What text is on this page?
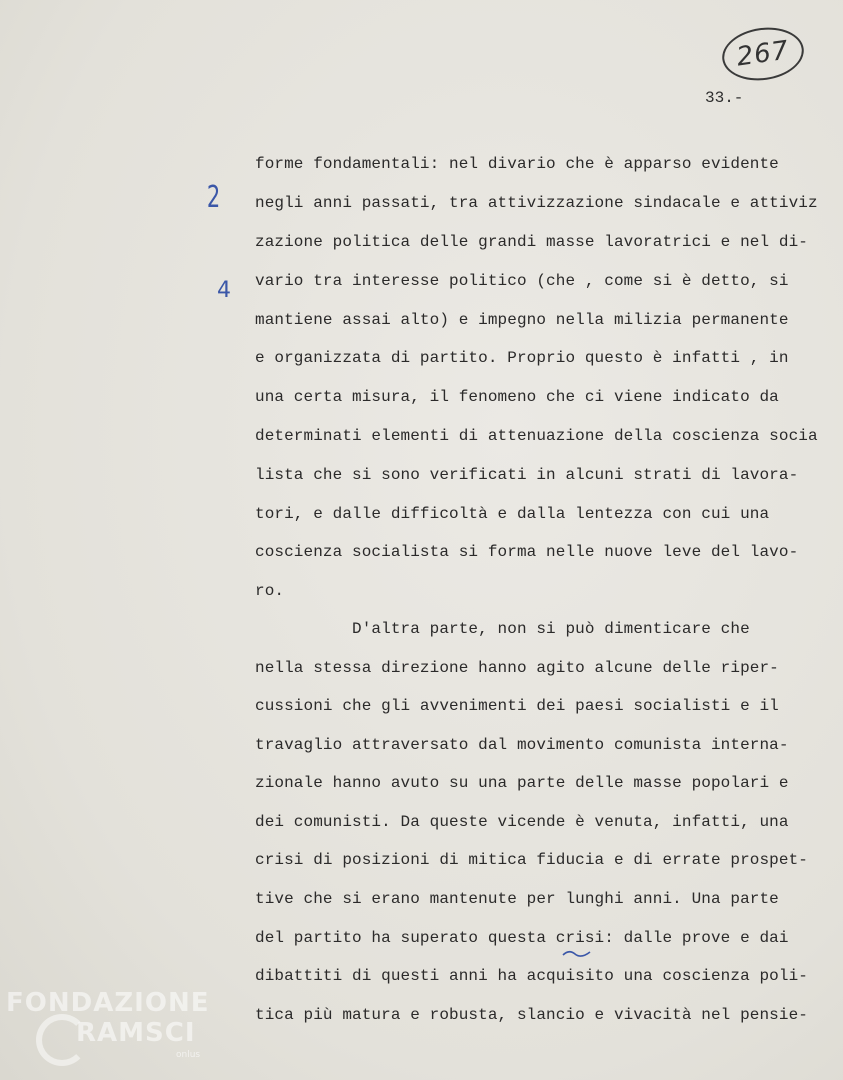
267
33.-
2
4
forme fondamentali: nel divario che è apparso evidente
negli anni passati, tra attivizzazione sindacale e attiviz
zazione politica delle grandi masse lavoratrici e nel di-
vario tra interesse politico (che , come si è detto, si
mantiene assai alto) e impegno nella milizia permanente
e organizzata di partito. Proprio questo è infatti , in
una certa misura, il fenomeno che ci viene indicato da
determinati elementi di attenuazione della coscienza socia
lista che si sono verificati in alcuni strati di lavora-
tori, e dalle difficoltà e dalla lentezza con cui una
coscienza socialista si forma nelle nuove leve del lavo-
ro.
D'altra parte, non si può dimenticare che
nella stessa direzione hanno agito alcune delle riper-
cussioni che gli avvenimenti dei paesi socialisti e il
travaglio attraversato dal movimento comunista interna-
zionale hanno avuto su una parte delle masse popolari e
dei comunisti. Da queste vicende è venuta, infatti, una
crisi di posizioni di mitica fiducia e di errate prospet-
tive che si erano mantenute per lunghi anni. Una parte
del partito ha superato questa crisi: dalle prove e dai
dibattiti di questi anni ha acquisito una coscienza poli-
tica più matura e robusta, slancio e vivacità nel pensie-
FONDAZIONE
RAMSCI
onlus
